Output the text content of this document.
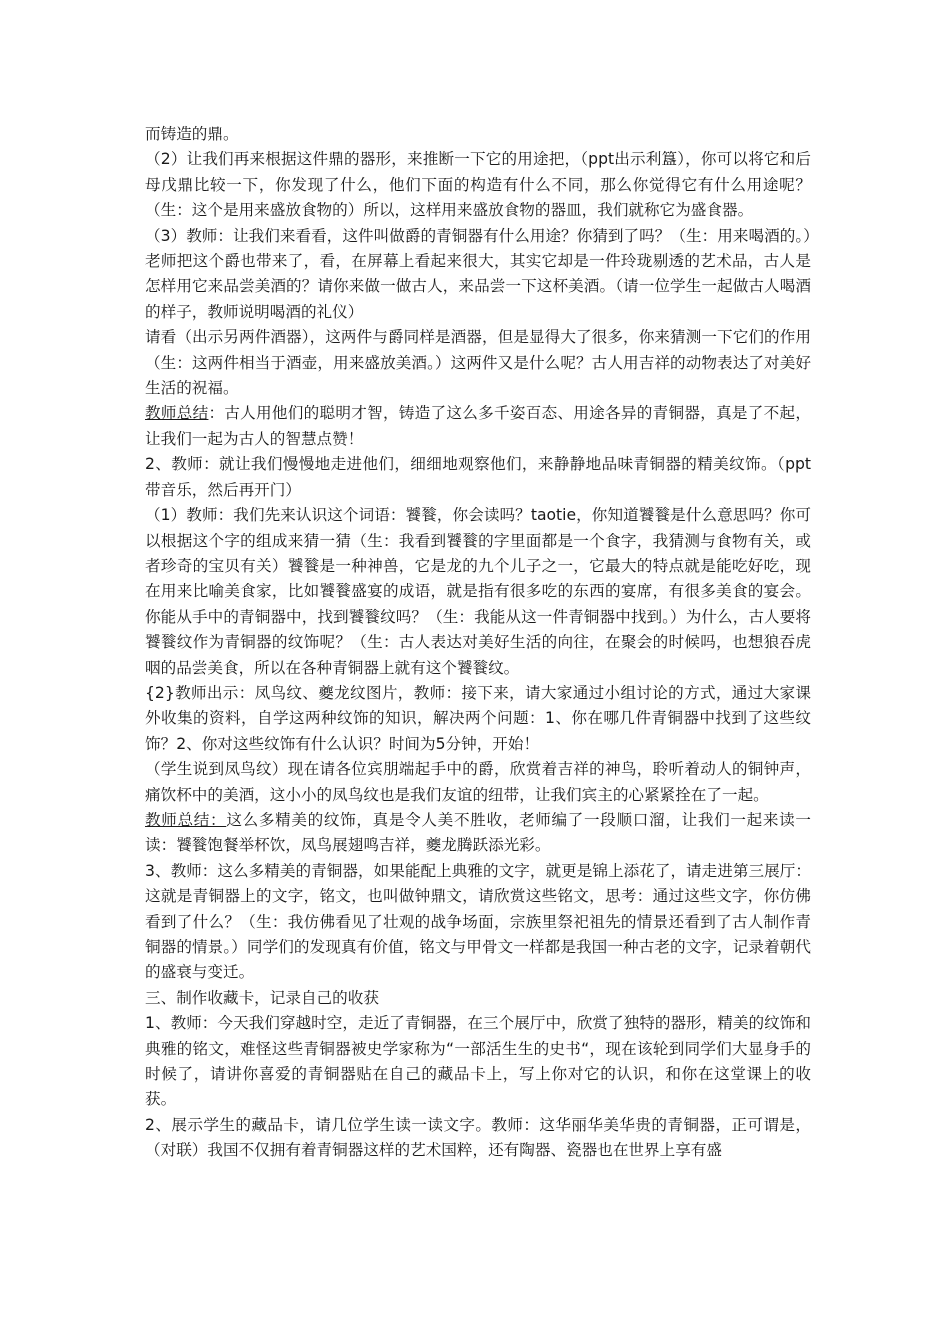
而铸造的鼎。

（2）让我们再来根据这件鼎的器形，来推断一下它的用途把，（ppt出示利簋），你可以将它和后母戊鼎比较一下，你发现了什么，他们下面的构造有什么不同，那么你觉得它有什么用途呢？（生：这个是用来盛放食物的）所以，这样用来盛放食物的器皿，我们就称它为盛食器。

（3）教师：让我们来看看，这件叫做爵的青铜器有什么用途？你猜到了吗？（生：用来喝酒的。）老师把这个爵也带来了，看，在屏幕上看起来很大，其实它却是一件玲珑剔透的艺术品，古人是怎样用它来品尝美酒的？请你来做一做古人，来品尝一下这杯美酒。（请一位学生一起做古人喝酒的样子，教师说明喝酒的礼仪）

请看（出示另两件酒器），这两件与爵同样是酒器，但是显得大了很多，你来猜测一下它们的作用（生：这两件相当于酒壶，用来盛放美酒。）这两件又是什么呢？古人用吉祥的动物表达了对美好生活的祝福。

教师总结：古人用他们的聪明才智，铸造了这么多千姿百态、用途各异的青铜器，真是了不起，让我们一起为古人的智慧点赞！

2、教师：就让我们慢慢地走进他们，细细地观察他们，来静静地品味青铜器的精美纹饰。（ppt带音乐，然后再开门）

（1）教师：我们先来认识这个词语：饕餮，你会读吗？taotie，你知道饕餮是什么意思吗？你可以根据这个字的组成来猜一猜（生：我看到饕餮的字里面都是一个食字，我猜测与食物有关，或者珍奇的宝贝有关）饕餮是一种神兽，它是龙的九个儿子之一，它最大的特点就是能吃好吃，现在用来比喻美食家，比如饕餮盛宴的成语，就是指有很多吃的东西的宴席，有很多美食的宴会。你能从手中的青铜器中，找到饕餮纹吗？（生：我能从这一件青铜器中找到。）为什么，古人要将饕餮纹作为青铜器的纹饰呢？（生：古人表达对美好生活的向往，在聚会的时候吗，也想狼吞虎咽的品尝美食，所以在各种青铜器上就有这个饕餮纹。

{2}教师出示：凤鸟纹、夔龙纹图片，教师：接下来，请大家通过小组讨论的方式，通过大家课外收集的资料，自学这两种纹饰的知识，解决两个问题：1、你在哪几件青铜器中找到了这些纹饰？2、你对这些纹饰有什么认识？时间为5分钟，开始！

（学生说到凤鸟纹）现在请各位宾朋端起手中的爵，欣赏着吉祥的神鸟，聆听着动人的铜钟声，痛饮杯中的美酒，这小小的凤鸟纹也是我们友谊的纽带，让我们宾主的心紧紧拴在了一起。

教师总结：这么多精美的纹饰，真是令人美不胜收，老师编了一段顺口溜，让我们一起来读一读：饕餮饱餐举杯饮，凤鸟展翅鸣吉祥，夔龙腾跃添光彩。

3、教师：这么多精美的青铜器，如果能配上典雅的文字，就更是锦上添花了，请走进第三展厅：这就是青铜器上的文字，铭文，也叫做钟鼎文，请欣赏这些铭文，思考：通过这些文字，你仿佛看到了什么？（生：我仿佛看见了壮观的战争场面，宗族里祭祀祖先的情景还看到了古人制作青铜器的情景。）同学们的发现真有价值，铭文与甲骨文一样都是我国一种古老的文字，记录着朝代的盛衰与变迁。

三、制作收藏卡，记录自己的收获

1、教师：今天我们穿越时空，走近了青铜器，在三个展厅中，欣赏了独特的器形，精美的纹饰和典雅的铭文，难怪这些青铜器被史学家称为“一部活生生的史书“，现在该轮到同学们大显身手的时候了，请讲你喜爱的青铜器贴在自己的藏品卡上，写上你对它的认识，和你在这堂课上的收获。

2、展示学生的藏品卡，请几位学生读一读文字。教师：这华丽华美华贵的青铜器，正可谓是，（对联）我国不仅拥有着青铜器这样的艺术国粹，还有陶器、瓷器也在世界上享有盛
